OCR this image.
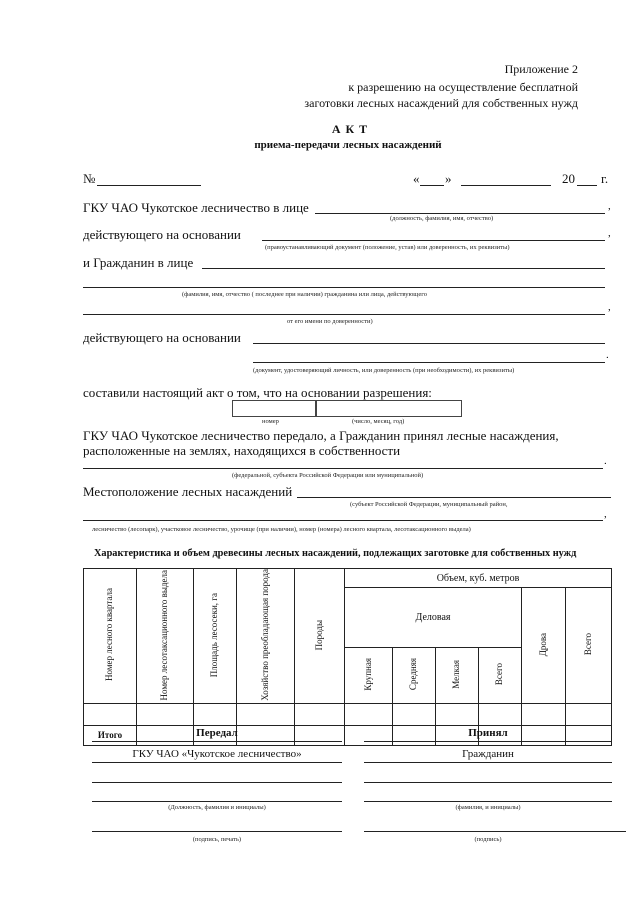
Приложение 2
к разрешению на осуществление бесплатной
заготовки лесных насаждений для собственных нужд
А К Т
приема-передачи лесных насаждений
№	« »	20 г.
ГКУ ЧАО Чукотское лесничество в лице	,
(должность, фамилия, имя, отчество)
действующего на основании	,
(правоустанавливающий документ (положение, устав) или доверенность, их реквизиты)
и Гражданин в лице
(фамилия, имя, отчество ( последнее при наличии) гражданина или лица, действующего
,
от его имени по доверенности)
действующего на основании
.
(документ, удостоверяющий личность, или доверенность (при необходимости), их реквизиты)
составили настоящий акт о том, что на основании разрешения:
номер	(число, месяц, год)
ГКУ ЧАО Чукотское лесничество передало, а Гражданин принял лесные насаждения,
расположенные на землях, находящихся в собственности
.
(федеральной, субъекта Российской Федерации или муниципальной)
Местоположение лесных насаждений
(субъект Российской Федерации, муниципальный район,
,
лесничество (лесопарк), участковое лесничество, урочище (при наличии), номер (номера) лесного квартала, лесотаксационного выдела)
Характеристика и объем древесины лесных насаждений, подлежащих заготовке для собственных нужд
Номер лесного квартала	Номер лесотаксационного выдела	Площадь лесосеки, га	Хозяйство преобладающая порода	Породы	Объем, куб. метров					
					Деловая				Дрова	Всего
					Крупная	Средняя	Мелкая	Всего		

Итого											Передал
ГКУ ЧАО «Чукотское лесничество»
(Должность, фамилия и инициалы)
(подпись, печать)
Принял
Гражданин
(фамилия, и инициалы)
(подпись)
